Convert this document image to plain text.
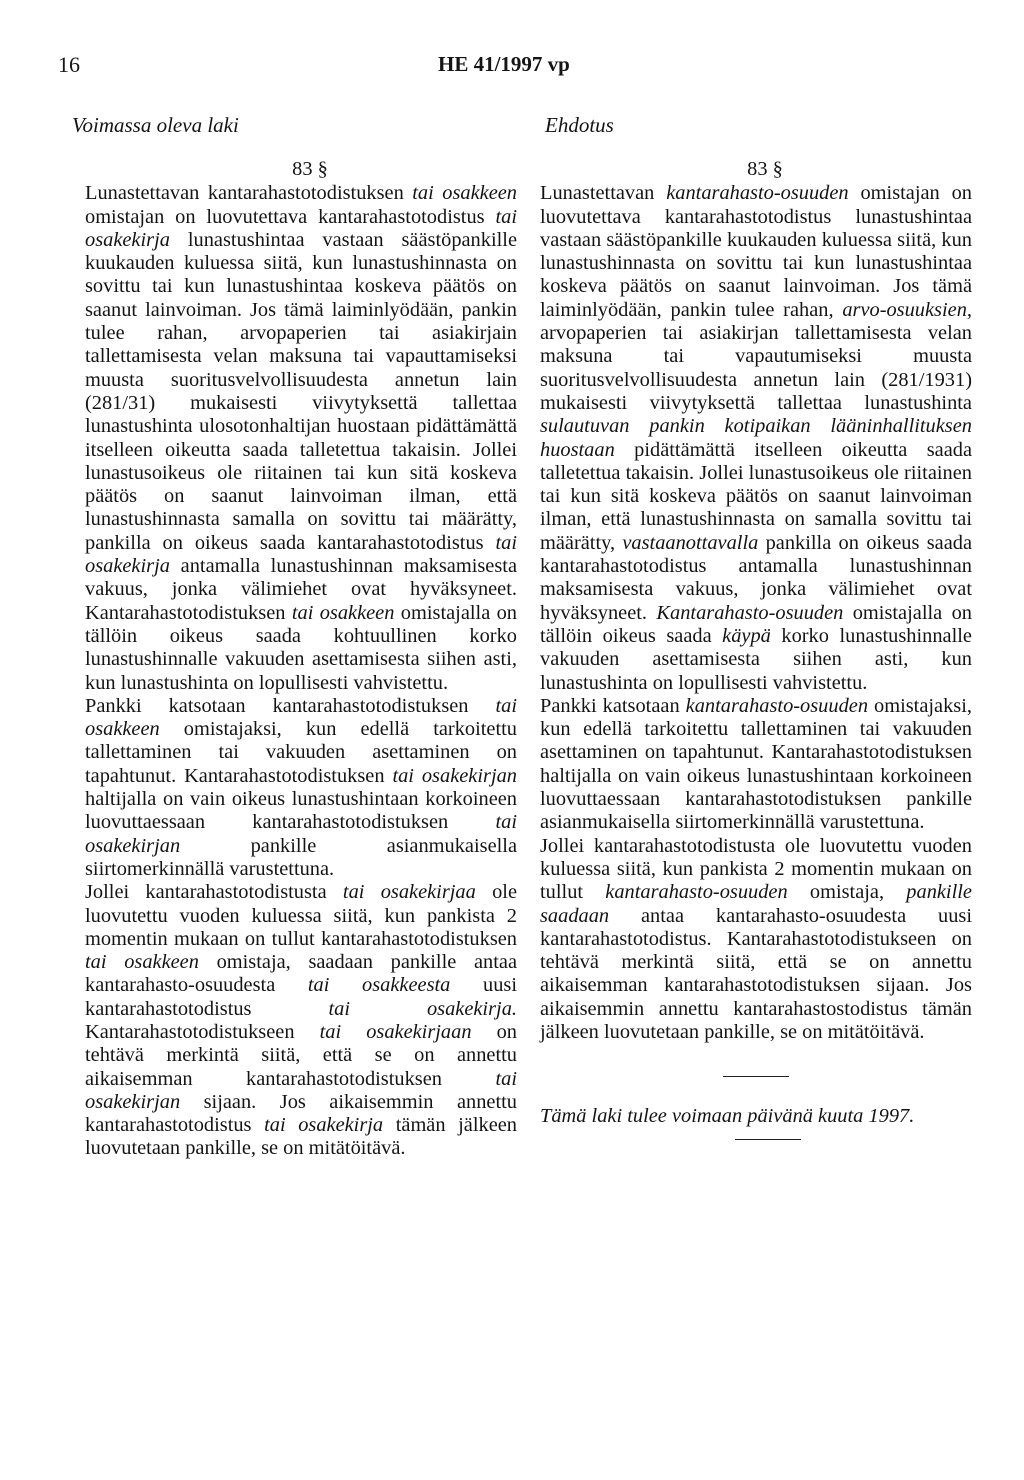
16	HE 41/1997 vp
Voimassa oleva laki	Ehdotus
83 §

Lunastettavan kantarahastotodistuksen tai osakkeen omistajan on luovutettava kantarahastotodistus tai osakekirja lunastushintaa vastaan säästöpankille kuukauden kuluessa siitä, kun lunastushinnasta on sovittu tai kun lunastushintaa koskeva päätös on saanut lainvoiman. Jos tämä laiminlyödään, pankin tulee rahan, arvopaperien tai asiakirjain tallettamisesta velan maksuna tai vapauttamiseksi muusta suoritusvelvollisuudesta annetun lain (281/31) mukaisesti viivytyksettä tallettaa lunastushinta ulosotonhaltijan huostaan pidättämättä itselleen oikeutta saada talletettua takaisin. Jollei lunastusoikeus ole riitainen tai kun sitä koskeva päätös on saanut lainvoiman ilman, että lunastushinnasta samalla on sovittu tai määrätty, pankilla on oikeus saada kantarahastotodistus tai osakekirja antamalla lunastushinnan maksamisesta vakuus, jonka välimiehet ovat hyväksyneet. Kantarahastotodistuksen tai osakkeen omistajalla on tällöin oikeus saada kohtuullinen korko lunastushinnalle vakuuden asettamisesta siihen asti, kun lunastushinta on lopullisesti vahvistettu.

Pankki katsotaan kantarahastotodistuksen tai osakkeen omistajaksi, kun edellä tarkoitettu tallettaminen tai vakuuden asettaminen on tapahtunut. Kantarahastotodistuksen tai osakekirjan haltijalla on vain oikeus lunastushintaan korkoineen luovuttaessaan kantarahastotodistuksen tai osakekirjan pankille asianmukaisella siirtomerkinnällä varustettuna.

Jollei kantarahastotodistusta tai osakekirjaa ole luovutettu vuoden kuluessa siitä, kun pankista 2 momentin mukaan on tullut kantarahastotodistuksen tai osakkeen omistaja, saadaan pankille antaa kantarahasto-osuudesta tai osakkeesta uusi kantarahastotodistus tai osakekirja. Kantarahastotodistukseen tai osakekirjaan on tehtävä merkintä siitä, että se on annettu aikaisemman kantarahastotodistuksen tai osakekirjan sijaan. Jos aikaisemmin annettu kantarahastotodistus tai osakekirja tämän jälkeen luovutetaan pankille, se on mitätöitävä.

83 §

Lunastettavan kantarahasto-osuuden omistajan on luovutettava kantarahastotodistus lunastushintaa vastaan säästöpankille kuukauden kuluessa siitä, kun lunastushinnasta on sovittu tai kun lunastushintaa koskeva päätös on saanut lainvoiman. Jos tämä laiminlyödään, pankin tulee rahan, arvo-osuuksien, arvopaperien tai asiakirjan tallettamisesta velan maksuna tai vapautumiseksi muusta suoritusvelvollisuudesta annetun lain (281/1931) mukaisesti viivytyksettä tallettaa lunastushinta sulautuvan pankin kotipaikan lääninhallituksen huostaan pidättämättä itselleen oikeutta saada talletettua takaisin. Jollei lunastusoikeus ole riitainen tai kun sitä koskeva päätös on saanut lainvoiman ilman, että lunastushinnasta on samalla sovittu tai määrätty, vastaanottavalla pankilla on oikeus saada kantarahastotodistus antamalla lunastushinnan maksamisesta vakuus, jonka välimiehet ovat hyväksyneet. Kantarahasto-osuuden omistajalla on tällöin oikeus saada käypä korko lunastushinnalle vakuuden asettamisesta siihen asti, kun lunastushinta on lopullisesti vahvistettu.

Pankki katsotaan kantarahasto-osuuden omistajaksi, kun edellä tarkoitettu tallettaminen tai vakuuden asettaminen on tapahtunut. Kantarahastotodistuksen haltijalla on vain oikeus lunastushintaan korkoineen luovuttaessaan kantarahastotodistuksen pankille asianmukaisella siirtomerkinnällä varustettuna.

Jollei kantarahastotodistusta ole luovutettu vuoden kuluessa siitä, kun pankista 2 momentin mukaan on tullut kantarahasto-osuuden omistaja, pankille saadaan antaa kantarahasto-osuudesta uusi kantarahastotodistus. Kantarahastotodistukseen on tehtävä merkintä siitä, että se on annettu aikaisemman kantarahastotodistuksen sijaan. Jos aikaisemmin annettu kantarahastostodistus tämän jälkeen luovutetaan pankille, se on mitätöitävä.

Tämä laki tulee voimaan päivänä kuuta 1997.
